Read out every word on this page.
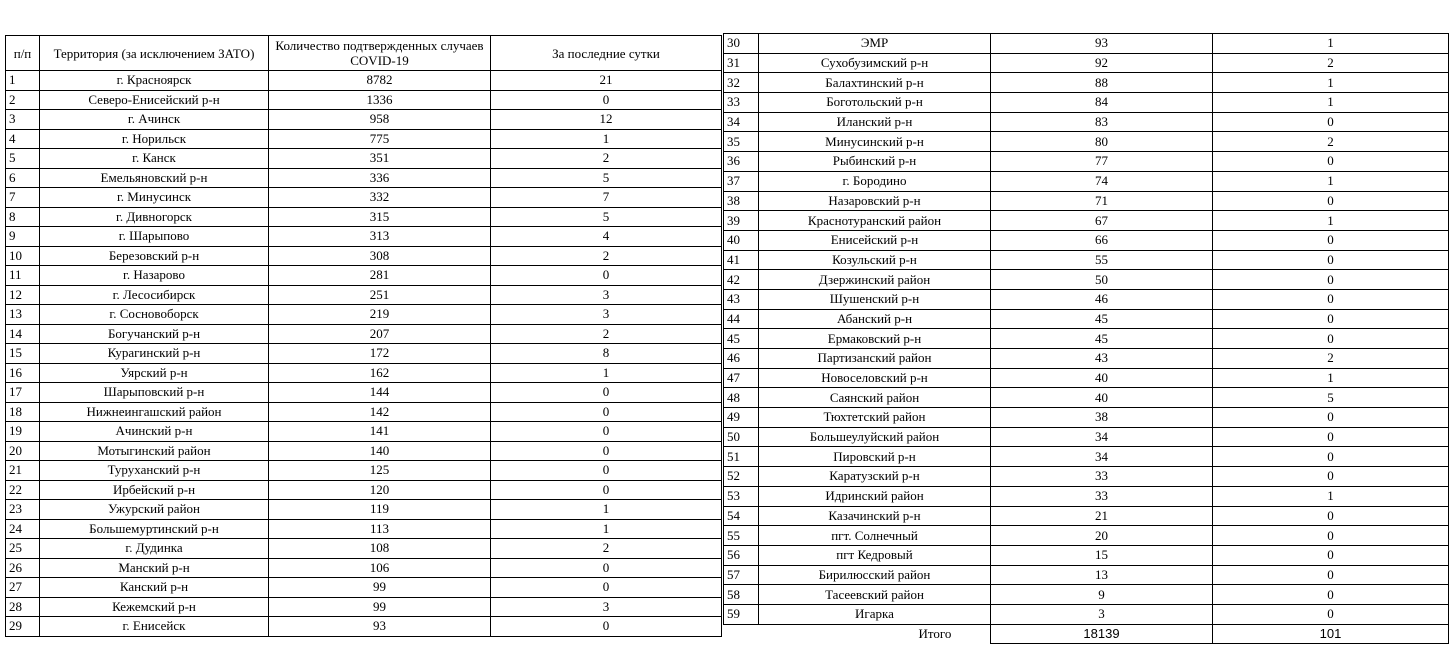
п/п	Территория (за исключением ЗАТО)	Количество подтвержденных случаев COVID-19	За последние сутки
1	г. Красноярск	8782	21
2	Северо-Енисейский р-н	1336	0
3	г. Ачинск	958	12
4	г. Норильск	775	1
5	г. Канск	351	2
6	Емельяновский р-н	336	5
7	г. Минусинск	332	7
8	г. Дивногорск	315	5
9	г. Шарыпово	313	4
10	Березовский р-н	308	2
11	г. Назарово	281	0
12	г. Лесосибирск	251	3
13	г. Сосновоборск	219	3
14	Богучанский р-н	207	2
15	Курагинский р-н	172	8
16	Уярский р-н	162	1
17	Шарыповский р-н	144	0
18	Нижнеингашский район	142	0
19	Ачинский р-н	141	0
20	Мотыгинский район	140	0
21	Туруханский р-н	125	0
22	Ирбейский р-н	120	0
23	Ужурский район	119	1
24	Большемуртинский р-н	113	1
25	г. Дудинка	108	2
26	Манский р-н	106	0
27	Канский р-н	99	0
28	Кежемский р-н	99	3
29	г. Енисейск	93	0
30	ЭМР	93	1
31	Сухобузимский р-н	92	2
32	Балахтинский р-н	88	1
33	Боготольский р-н	84	1
34	Иланский р-н	83	0
35	Минусинский р-н	80	2
36	Рыбинский р-н	77	0
37	г. Бородино	74	1
38	Назаровский р-н	71	0
39	Краснотуранский район	67	1
40	Енисейский р-н	66	0
41	Козульский р-н	55	0
42	Дзержинский район	50	0
43	Шушенский р-н	46	0
44	Абанский р-н	45	0
45	Ермаковский р-н	45	0
46	Партизанский район	43	2
47	Новоселовский р-н	40	1
48	Саянский район	40	5
49	Тюхтетский район	38	0
50	Большеулуйский район	34	0
51	Пировский р-н	34	0
52	Каратузский р-н	33	0
53	Идринский район	33	1
54	Казачинский р-н	21	0
55	пгт. Солнечный	20	0
56	пгт Кедровый	15	0
57	Бирилюсский район	13	0
58	Тасеевский район	9	0
59	Игарка	3	0
Итого		18139	101
